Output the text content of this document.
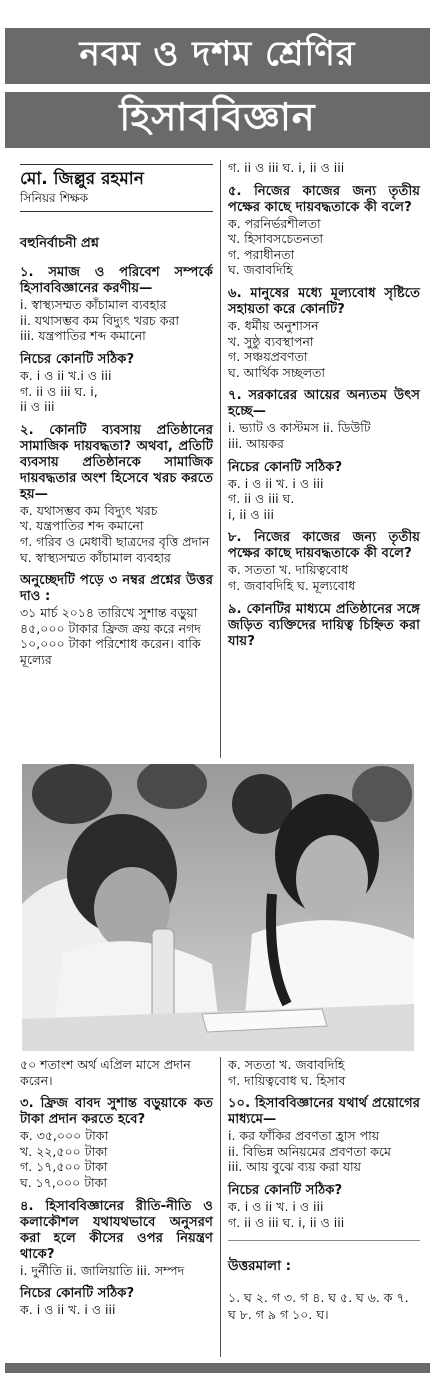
নবম ও দশম শ্রেণির
হিসাববিজ্ঞান
মো. জিল্লুর রহমান
সিনিয়র শিক্ষক
বহুনির্বাচনী প্রশ্ন
১. সমাজ ও পরিবেশ সম্পর্কে হিসাববিজ্ঞানের করণীয়—
i. স্বাস্থ্যসম্মত কাঁচামাল ব্যবহার
ii. যথাসম্ভব কম বিদ্যুৎ খরচ করা
iii. যন্ত্রপাতির শব্দ কমানো
নিচের কোনটি সঠিক?
ক. i ও ii খ.i ও iii
গ. ii ও iii ঘ. i,
ii ও iii
২. কোনটি ব্যবসায় প্রতিষ্ঠানের সামাজিক দায়বদ্ধতা? অথবা, প্রতিটি ব্যবসায় প্রতিষ্ঠানকে সামাজিক দায়বদ্ধতার অংশ হিসেবে খরচ করতে হয়—
ক. যথাসম্ভব কম বিদ্যুৎ খরচ
খ. যন্ত্রপাতির শব্দ কমানো
গ. গরিব ও মেধাবী ছাত্রদের বৃত্তি প্রদান
ঘ. স্বাস্থ্যসম্মত কাঁচামাল ব্যবহার
অনুচ্ছেদটি পড়ে ৩ নম্বর প্রশ্নের উত্তর দাও :
৩১ মার্চ ২০১৪ তারিখে সুশান্ত বড়ুয়া ৪৫,০০০ টাকার ফ্রিজ ক্রয় করে নগদ ১০,০০০ টাকা পরিশোধ করেন। বাকি মূল্যের
গ. ii ও iii ঘ. i, ii ও iii
৫. নিজের কাজের জন্য তৃতীয় পক্ষের কাছে দায়বদ্ধতাকে কী বলে?
ক. পরনির্ভরশীলতা
খ. হিসাবসচেতনতা
গ. পরাধীনতা
ঘ. জবাবদিহি
৬. মানুষের মধ্যে মূল্যবোধ সৃষ্টিতে সহায়তা করে কোনটি?
ক. ধর্মীয় অনুশাসন
খ. সুষ্ঠু ব্যবস্থাপনা
গ. সঞ্চয়প্রবণতা
ঘ. আর্থিক সচ্ছলতা
৭. সরকারের আয়ের অন্যতম উৎস হচ্ছে—
i. ভ্যাট ও কাস্টমস ii. ডিউটি
iii. আয়কর
নিচের কোনটি সঠিক?
ক. i ও ii খ. i ও iii
গ. ii ও iii ঘ.
i, ii ও iii
৮. নিজের কাজের জন্য তৃতীয় পক্ষের কাছে দায়বদ্ধতাকে কী বলে?
ক. সততা খ. দায়িত্ববোধ
গ. জবাবদিহি ঘ. মূল্যবোধ
৯. কোনটির মাধ্যমে প্রতিষ্ঠানের সঙ্গে জড়িত ব্যক্তিদের দায়িত্ব চিহ্নিত করা যায়?
৫০ শতাংশ অর্থ এপ্রিল মাসে প্রদান করেন।
৩. ফ্রিজ বাবদ সুশান্ত বড়ুয়াকে কত টাকা প্রদান করতে হবে?
ক. ৩৫,০০০ টাকা
খ. ২২,৫০০ টাকা
গ. ১৭,৫০০ টাকা
ঘ. ১৭,০০০ টাকা
৪. হিসাববিজ্ঞানের রীতি-নীতি ও কলাকৌশল যথাযথভাবে অনুসরণ করা হলে কীসের ওপর নিয়ন্ত্রণ থাকে?
i. দুর্নীতি ii. জালিয়াতি iii. সম্পদ
নিচের কোনটি সঠিক?
ক. i ও ii খ. i ও iii
ক. সততা খ. জবাবদিহি
গ. দায়িত্ববোধ ঘ. হিসাব
১০. হিসাববিজ্ঞানের যথার্থ প্রয়োগের মাধ্যমে—
i. কর ফাঁকির প্রবণতা হ্রাস পায়
ii. বিভিন্ন অনিয়মের প্রবণতা কমে
iii. আয় বুঝে ব্যয় করা যায়
নিচের কোনটি সঠিক?
ক. i ও ii খ. i ও iii
গ. ii ও iii ঘ. i, ii ও iii
উত্তরমালা :
১. ঘ ২. গ ৩. গ ৪. ঘ ৫. ঘ ৬. ক ৭. ঘ ৮. গ ৯ গ ১০. ঘ।
